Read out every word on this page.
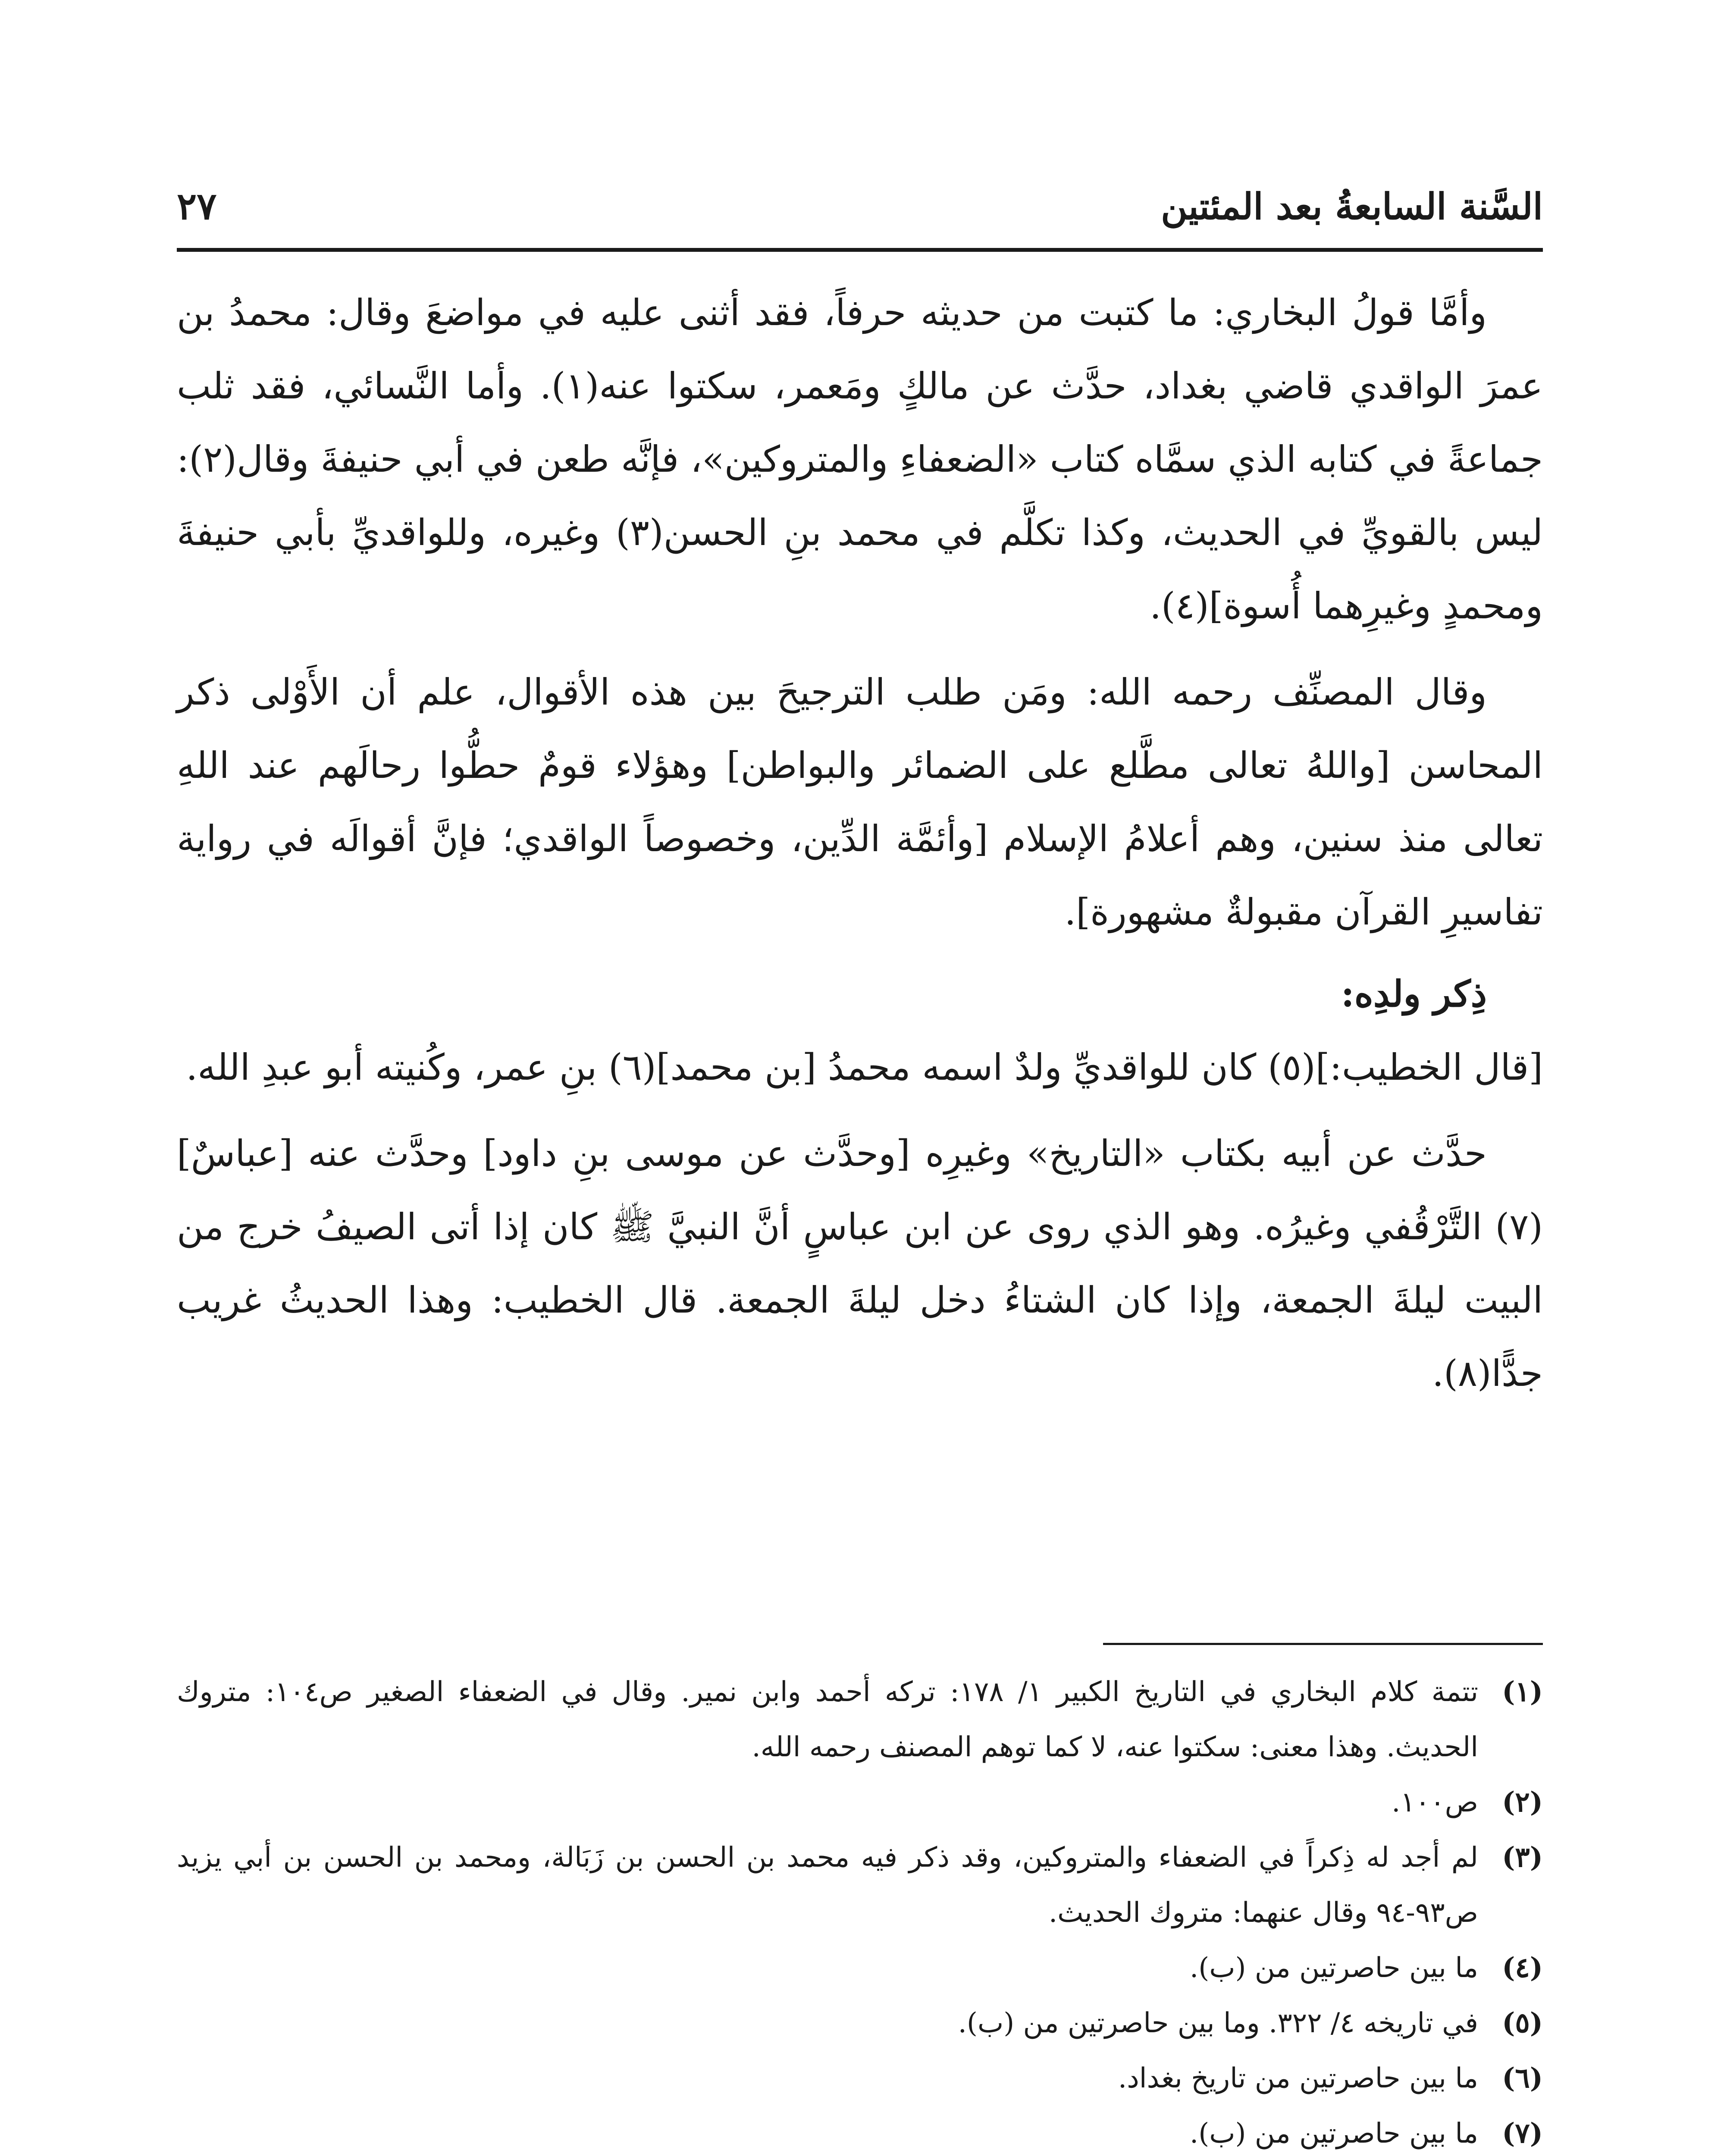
السَّنة السابعةُ بعد المئتين
٢٧

وأمَّا قولُ البخاري: ما كتبت من حديثه حرفاً، فقد أثنى عليه في مواضعَ وقال: محمدُ بن عمرَ الواقدي قاضي بغداد، حدَّث عن مالكٍ ومَعمر، سكتوا عنه(١). وأما النَّسائي، فقد ثلب جماعةً في كتابه الذي سمَّاه كتاب «الضعفاءِ والمتروكين»، فإنَّه طعن في أبي حنيفةَ وقال(٢): ليس بالقويِّ في الحديث، وكذا تكلَّم في محمد بنِ الحسن(٣) وغيره، وللواقديِّ بأبي حنيفةَ ومحمدٍ وغيرِهما أُسوة](٤).

وقال المصنِّف رحمه الله: ومَن طلب الترجيحَ بين هذه الأقوال، علم أن الأَوْلى ذكر المحاسن [واللهُ تعالى مطَّلع على الضمائر والبواطن] وهؤلاء قومٌ حطُّوا رحالَهم عند اللهِ تعالى منذ سنين، وهم أعلامُ الإسلام [وأئمَّة الدِّين، وخصوصاً الواقدي؛ فإنَّ أقوالَه في رواية تفاسيرِ القرآن مقبولةٌ مشهورة].

ذِكر ولدِه:

[قال الخطيب:](٥) كان للواقديِّ ولدٌ اسمه محمدُ [بن محمد](٦) بنِ عمر، وكُنيته أبو عبدِ الله.

حدَّث عن أبيه بكتاب «التاريخ» وغيرِه [وحدَّث عن موسى بنِ داود] وحدَّث عنه [عباسٌ](٧) التَّرْقُفي وغيرُه. وهو الذي روى عن ابن عباسٍ أنَّ النبيَّ ﷺ كان إذا أتى الصيفُ خرج من البيت ليلةَ الجمعة، وإذا كان الشتاءُ دخل ليلةَ الجمعة. قال الخطيب: وهذا الحديثُ غريب جدًّا(٨).

(١)
تتمة كلام البخاري في التاريخ الكبير ١/ ١٧٨: تركه أحمد وابن نمير. وقال في الضعفاء الصغير ص١٠٤: متروك الحديث. وهذا معنى: سكتوا عنه، لا كما توهم المصنف رحمه الله.
(٢)
ص١٠٠.
(٣)
لم أجد له ذِكراً في الضعفاء والمتروكين، وقد ذكر فيه محمد بن الحسن بن زَبَالة، ومحمد بن الحسن بن أبي يزيد ص٩٣-٩٤ وقال عنهما: متروك الحديث.
(٤)
ما بين حاصرتين من (ب).
(٥)
في تاريخه ٤/ ٣٢٢. وما بين حاصرتين من (ب).
(٦)
ما بين حاصرتين من تاريخ بغداد.
(٧)
ما بين حاصرتين من (ب).
